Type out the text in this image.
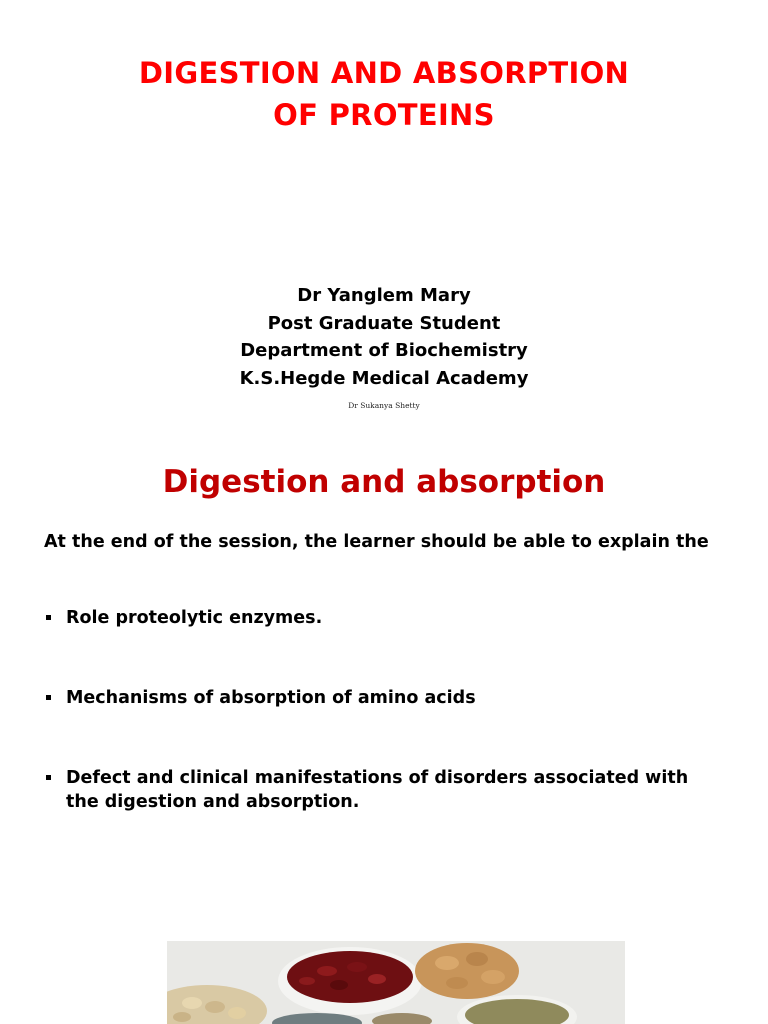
DIGESTION AND ABSORPTION
OF PROTEINS
Dr Yanglem Mary
Post Graduate Student
Department of Biochemistry
K.S.Hegde Medical Academy
Dr Sukanya Shetty
Digestion and absorption
At the end of the session, the learner should be able to explain the
Role proteolytic enzymes.
Mechanisms of absorption of amino acids
Defect and clinical manifestations of disorders associated with the digestion and absorption.
